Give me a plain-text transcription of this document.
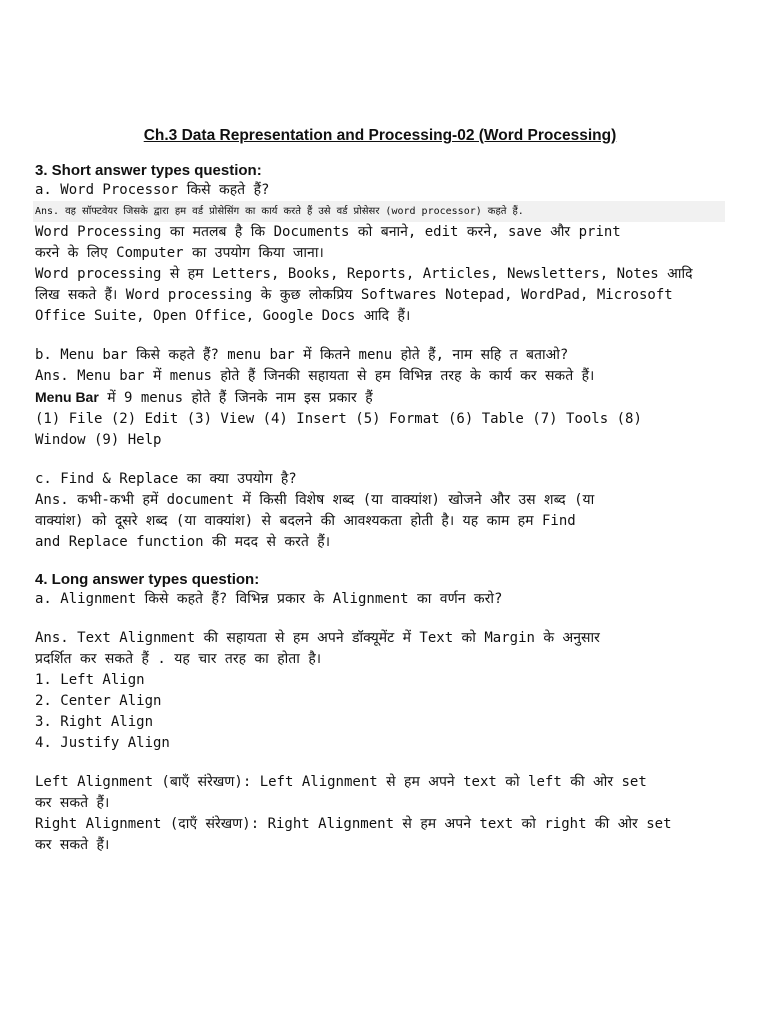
Ch.3 Data Representation and Processing-02 (Word Processing)
3. Short answer types question:
a. Word Processor किसे कहते हैं?
Ans. वह सॉफ्टवेयर जिसके द्वारा हम वर्ड प्रोसेसिंग का कार्य करते हैं उसे वर्ड प्रोसेसर (word processor) कहते हैं.
Word Processing का मतलब है कि Documents को बनाने, edit करने, save और print
करने के लिए Computer का उपयोग किया जाना।
Word processing से हम Letters, Books, Reports, Articles, Newsletters, Notes आदि
लिख सकते हैं। Word processing के कुछ लोकप्रिय Softwares Notepad, WordPad, Microsoft
Office Suite, Open Office, Google Docs आदि हैं।
b. Menu bar किसे कहते हैं? menu bar में कितने menu होते हैं, नाम सहि त बताओ?
Ans. Menu bar में menus होते हैं जिनकी सहायता से हम विभिन्न तरह के कार्य कर सकते हैं।
Menu Bar में 9 menus होते हैं जिनके नाम इस प्रकार हैं
(1) File (2) Edit (3) View (4) Insert (5) Format (6) Table (7) Tools (8)
Window (9) Help
c. Find & Replace का क्या उपयोग है?
Ans. कभी-कभी हमें document में किसी विशेष शब्द (या वाक्यांश) खोजने और उस शब्द (या
वाक्यांश) को दूसरे शब्द (या वाक्यांश) से बदलने की आवश्यकता होती है। यह काम हम Find
and Replace function की मदद से करते हैं।
4. Long answer types question:
a. Alignment किसे कहते हैं? विभिन्न प्रकार के Alignment का वर्णन करो?
Ans. Text Alignment की सहायता से हम अपने डॉक्यूमेंट में Text को Margin के अनुसार
प्रदर्शित कर सकते हैं . यह चार तरह का होता है।
1. Left Align
2. Center Align
3. Right Align
4. Justify Align
Left Alignment (बाएँ संरेखण): Left Alignment से हम अपने text को left की ओर set
कर सकते हैं।
Right Alignment (दाएँ संरेखण): Right Alignment से हम अपने text को right की ओर set
कर सकते हैं।
